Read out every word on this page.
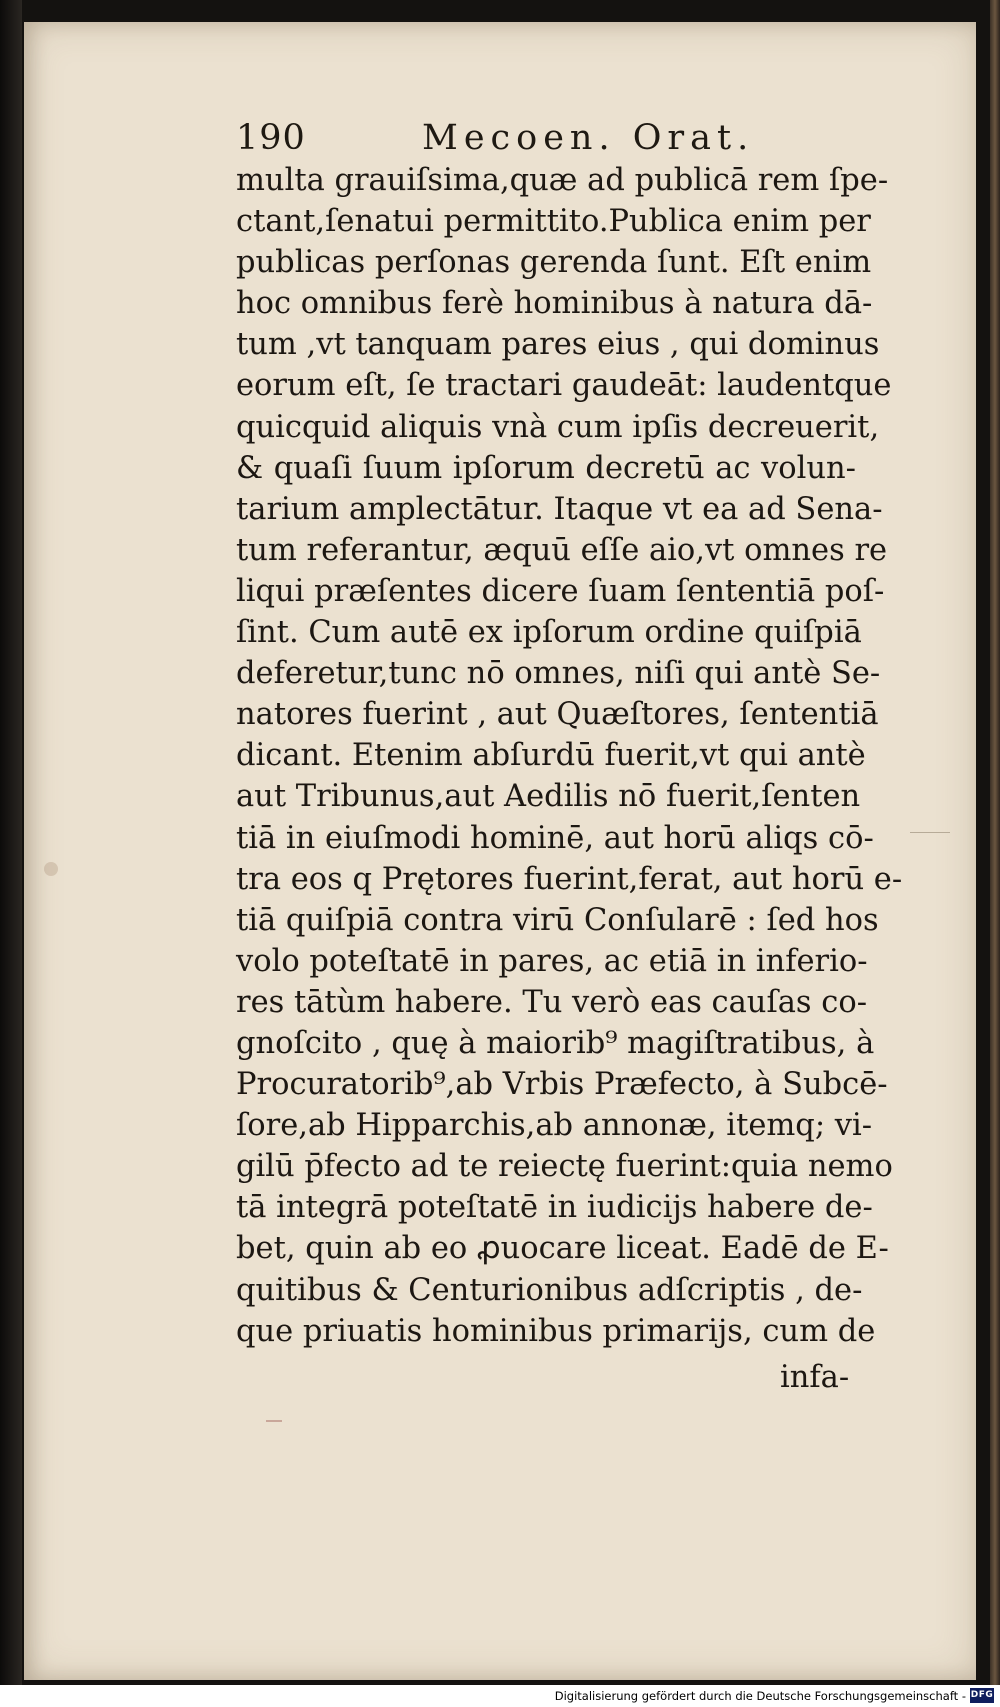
190	Mecoen. Orat.
multa grauiſsima,quæ ad publicā rem ſpe-
ctant,ſenatui permittito.Publica enim per
publicas perſonas gerenda ſunt. Eſt enim
hoc omnibus ferè hominibus à natura dā-
tum ,vt tanquam pares eius , qui dominus
eorum eſt, ſe tractari gaudeāt: laudentque
quicquid aliquis vnà cum ipſis decreuerit,
& quaſi ſuum ipſorum decretū ac volun-
tarium amplectātur. Itaque vt ea ad Sena-
tum referantur, æquū eſſe aio,vt omnes re
liqui præſentes dicere ſuam ſententiā poſ-
ſint. Cum autē ex ipſorum ordine quiſpiā
deferetur,tunc nō omnes, niſi qui antè Se-
natores fuerint , aut Quæſtores, ſententiā
dicant. Etenim abſurdū fuerit,vt qui antè
aut Tribunus,aut Aedilis nō fuerit,ſenten
tiā in eiuſmodi hominē, aut horū aliqs cō-
tra eos q Prętores fuerint,ferat, aut horū e-
tiā quiſpiā contra virū Conſularē : ſed hos
volo poteſtatē in pares, ac etiā in inferio-
res tātùm habere. Tu verò eas cauſas co-
gnoſcito , quę à maiorib⁹ magiſtratibus, à
Procuratorib⁹,ab Vrbis Præfecto, à Subcē-
ſore,ab Hipparchis,ab annonæ, itemq; vi-
gilū p̄fecto ad te reiectę fuerint:quia nemo
tā integrā poteſtatē in iudicijs habere de-
bet, quin ab eo ꝓuocare liceat. Eadē de E-
quitibus & Centurionibus adſcriptis , de-
que priuatis hominibus primarijs, cum de
infa-
Digitalisierung gefördert durch die Deutsche Forschungsgemeinschaft - DFG
